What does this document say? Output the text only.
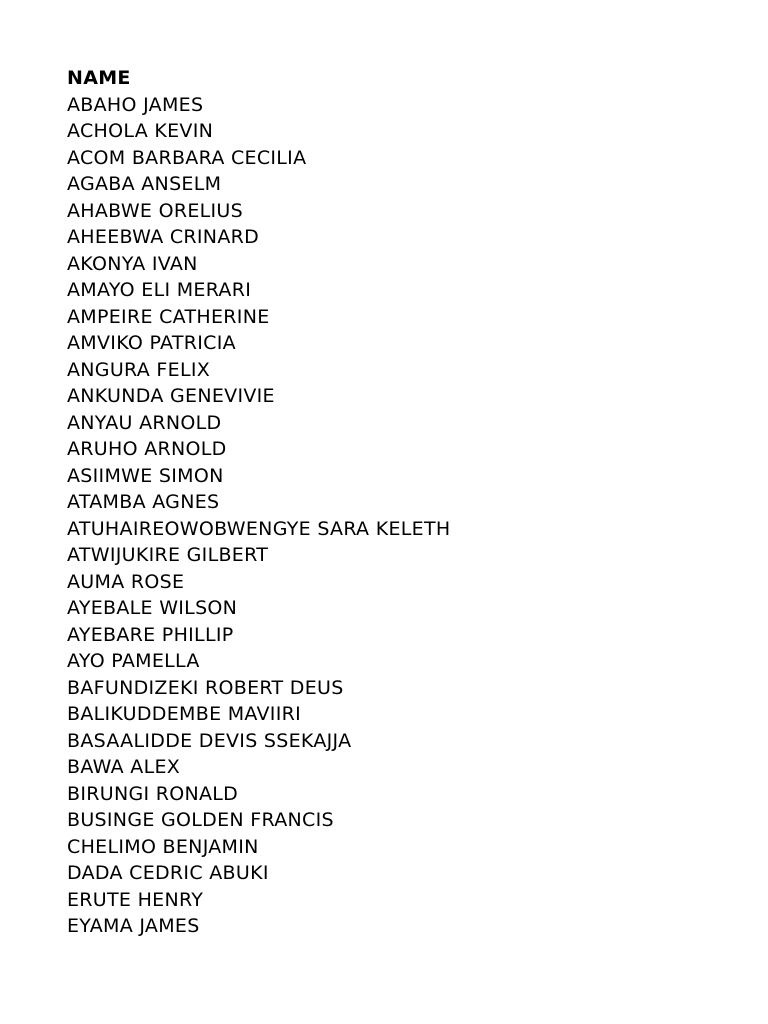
NAME
ABAHO JAMES
ACHOLA KEVIN
ACOM BARBARA CECILIA
AGABA ANSELM
AHABWE ORELIUS
AHEEBWA CRINARD
AKONYA IVAN
AMAYO ELI MERARI
AMPEIRE CATHERINE
AMVIKO PATRICIA
ANGURA FELIX
ANKUNDA GENEVIVIE
ANYAU ARNOLD
ARUHO ARNOLD
ASIIMWE SIMON
ATAMBA AGNES
ATUHAIREOWOBWENGYE SARA KELETH
ATWIJUKIRE GILBERT
AUMA ROSE
AYEBALE WILSON
AYEBARE PHILLIP
AYO PAMELLA
BAFUNDIZEKI ROBERT DEUS
BALIKUDDEMBE MAVIIRI
BASAALIDDE DEVIS SSEKAJJA
BAWA ALEX
BIRUNGI RONALD
BUSINGE GOLDEN FRANCIS
CHELIMO BENJAMIN
DADA CEDRIC ABUKI
ERUTE HENRY
EYAMA JAMES
